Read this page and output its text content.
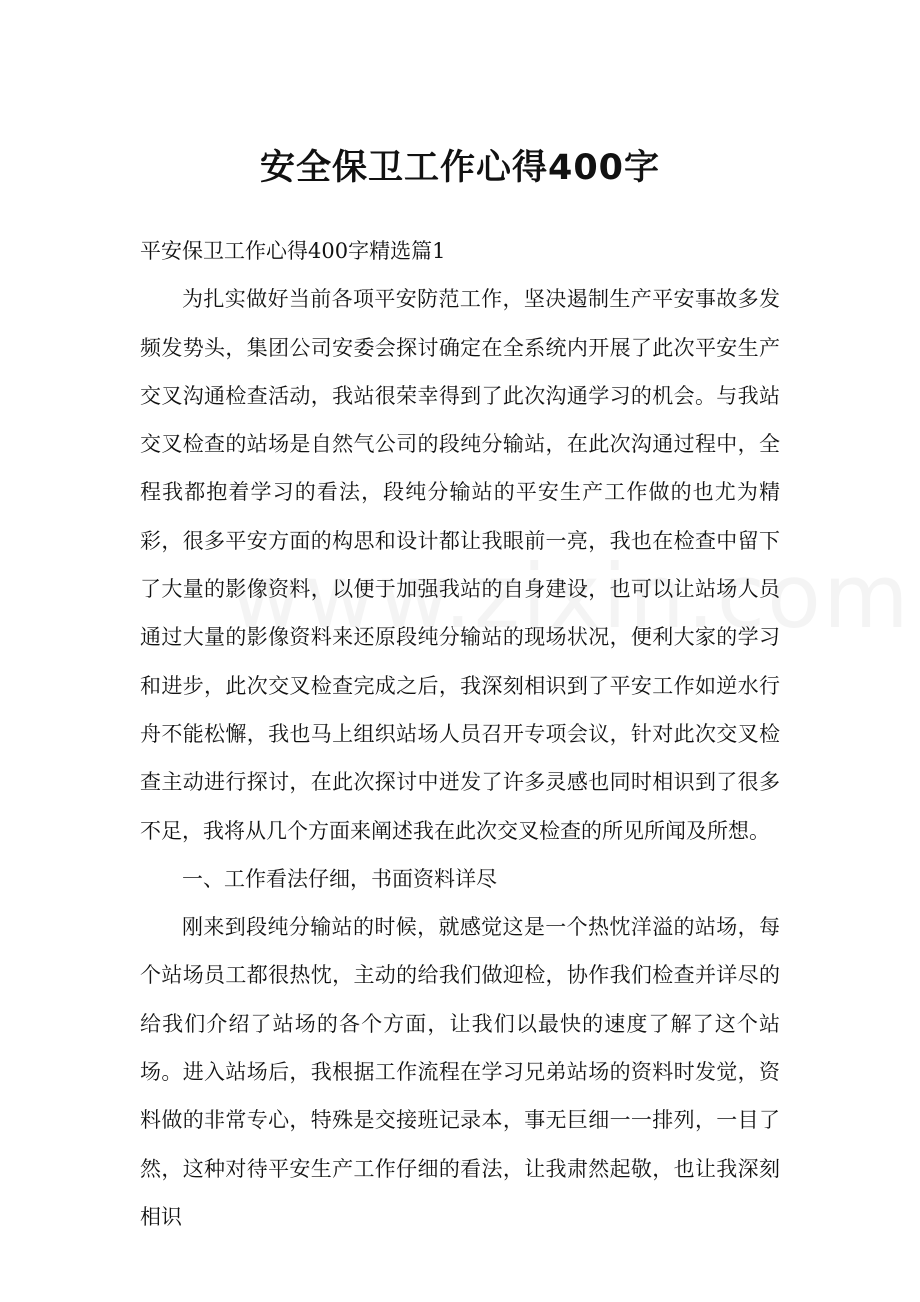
安全保卫工作心得400字

平安保卫工作心得400字精选篇1

为扎实做好当前各项平安防范工作，坚决遏制生产平安事故多发频发势头，集团公司安委会探讨确定在全系统内开展了此次平安生产交叉沟通检查活动，我站很荣幸得到了此次沟通学习的机会。与我站交叉检查的站场是自然气公司的段纯分输站，在此次沟通过程中，全程我都抱着学习的看法，段纯分输站的平安生产工作做的也尤为精彩，很多平安方面的构思和设计都让我眼前一亮，我也在检查中留下了大量的影像资料，以便于加强我站的自身建设，也可以让站场人员通过大量的影像资料来还原段纯分输站的现场状况，便利大家的学习和进步，此次交叉检查完成之后，我深刻相识到了平安工作如逆水行舟不能松懈，我也马上组织站场人员召开专项会议，针对此次交叉检查主动进行探讨，在此次探讨中迸发了许多灵感也同时相识到了很多不足，我将从几个方面来阐述我在此次交叉检查的所见所闻及所想。

一、工作看法仔细，书面资料详尽

刚来到段纯分输站的时候，就感觉这是一个热忱洋溢的站场，每个站场员工都很热忱，主动的给我们做迎检，协作我们检查并详尽的给我们介绍了站场的各个方面，让我们以最快的速度了解了这个站场。进入站场后，我根据工作流程在学习兄弟站场的资料时发觉，资料做的非常专心，特殊是交接班记录本，事无巨细一一排列，一目了然，这种对待平安生产工作仔细的看法，让我肃然起敬，也让我深刻相识
